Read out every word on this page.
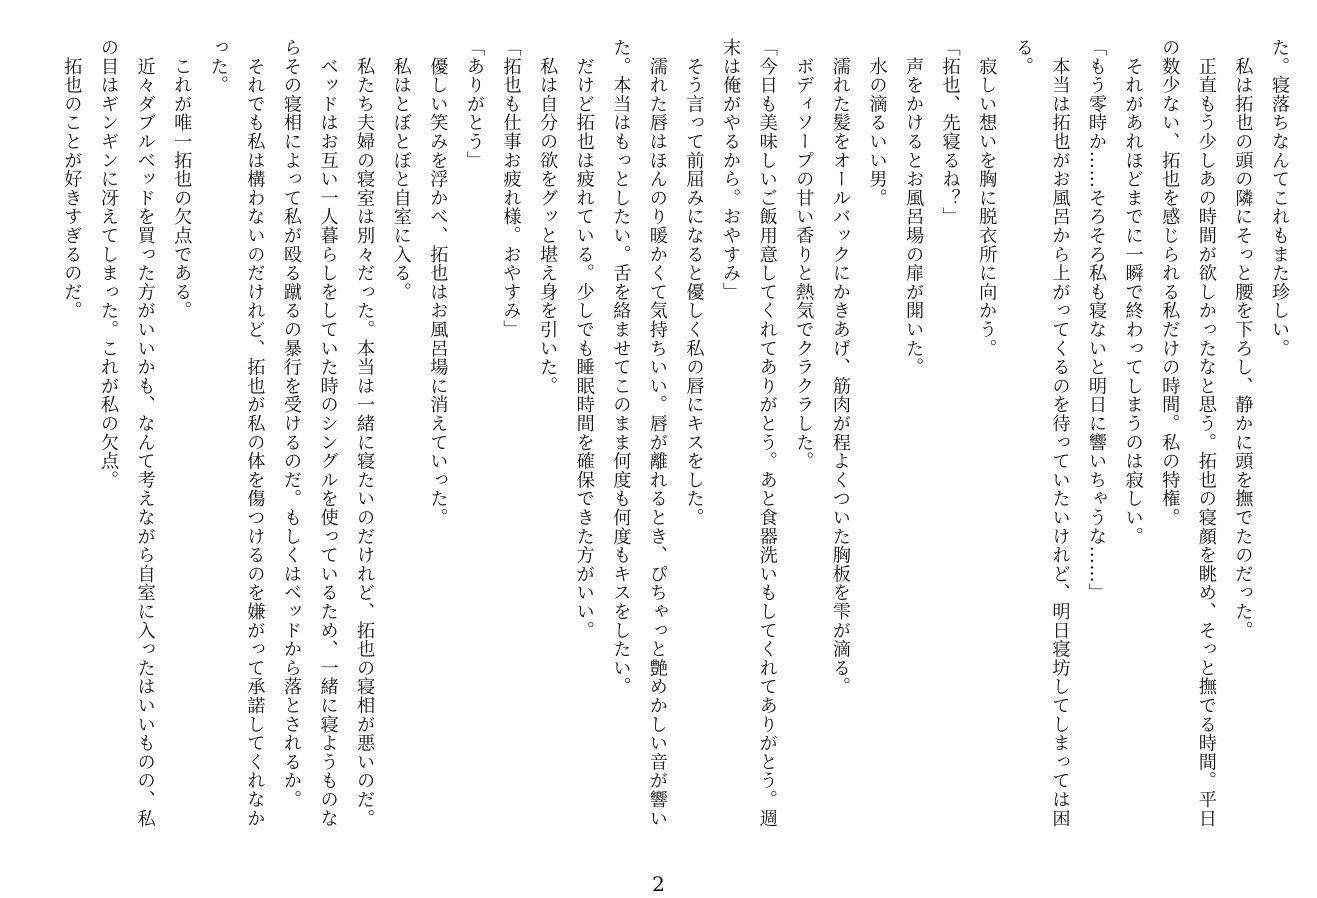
た。寝落ちなんてこれもまた珍しい。

　私は拓也の頭の隣にそっと腰を下ろし、静かに頭を撫でたのだった。

　正直もう少しあの時間が欲しかったなと思う。拓也の寝顔を眺め、そっと撫でる時間。平日の数少ない、拓也を感じられる私だけの時間。私の特権。

　それがあれほどまでに一瞬で終わってしまうのは寂しい。

「もう零時か……そろそろ私も寝ないと明日に響いちゃうな……」

　本当は拓也がお風呂から上がってくるのを待っていたいけれど、明日寝坊してしまっては困る。

　寂しい想いを胸に脱衣所に向かう。

「拓也、先寝るね？」

　声をかけるとお風呂場の扉が開いた。

　水の滴るいい男。

　濡れた髪をオールバックにかきあげ、筋肉が程よくついた胸板を雫が滴る。

　ボディソープの甘い香りと熱気でクラクラした。

「今日も美味しいご飯用意してくれてありがとう。あと食器洗いもしてくれてありがとう。週末は俺がやるから。おやすみ」

　そう言って前屈みになると優しく私の唇にキスをした。

　濡れた唇はほんのり暖かくて気持ちいい。唇が離れるとき、ぴちゃっと艶めかしい音が響いた。本当はもっとしたい。舌を絡ませてこのまま何度も何度もキスをしたい。

　だけど拓也は疲れている。少しでも睡眠時間を確保できた方がいい。

　私は自分の欲をグッと堪え身を引いた。

「拓也も仕事お疲れ様。おやすみ」

「ありがとう」

　優しい笑みを浮かべ、拓也はお風呂場に消えていった。

　私はとぼとぼと自室に入る。

　私たち夫婦の寝室は別々だった。本当は一緒に寝たいのだけれど、拓也の寝相が悪いのだ。

　ベッドはお互い一人暮らしをしていた時のシングルを使っているため、一緒に寝ようものならその寝相によって私が殴る蹴るの暴行を受けるのだ。もしくはベッドから落とされるか。

　それでも私は構わないのだけれど、拓也が私の体を傷つけるのを嫌がって承諾してくれなかった。

　これが唯一拓也の欠点である。

　近々ダブルベッドを買った方がいいかも、なんて考えながら自室に入ったはいいものの、私の目はギンギンに冴えてしまった。これが私の欠点。

　拓也のことが好きすぎるのだ。

2
